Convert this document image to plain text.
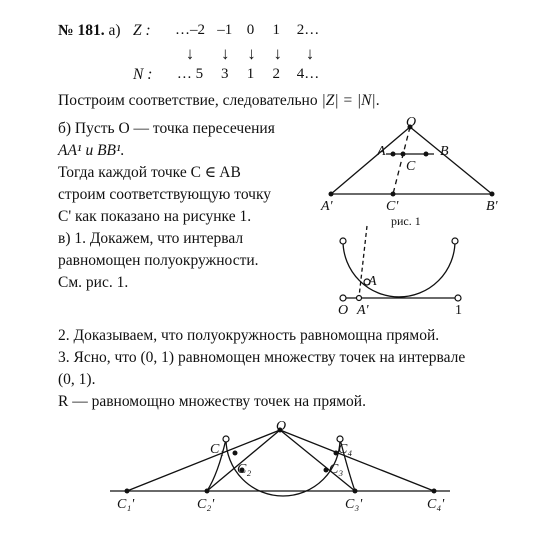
№ 181. а) Z :	…–2 –1 0 1 2…
↓ ↓ ↓ ↓ ↓
N :	… 5 3 1 2 4…
Построим соответствие, следовательно |Z| = |N|.
б) Пусть O — точка пересечения
AA¹ и BB¹.
Тогда каждой точке C ∈ AB
строим соответствующую точку
C' как показано на рисунке 1.
в) 1. Докажем, что интервал
равномощен полуокружности.
См. рис. 1.
2. Доказываем, что полуокружность равномощна прямой.
3. Ясно, что (0, 1) равномощен множеству точек на интервале
(0, 1).
R — равномощно множеству точек на прямой.
O
A	B
C
A'	C'	B'
рис. 1
A
O A'	1
O
C₁
C₂	C₃
C₄
C₁'	C₂'	C₃'	C₄'
